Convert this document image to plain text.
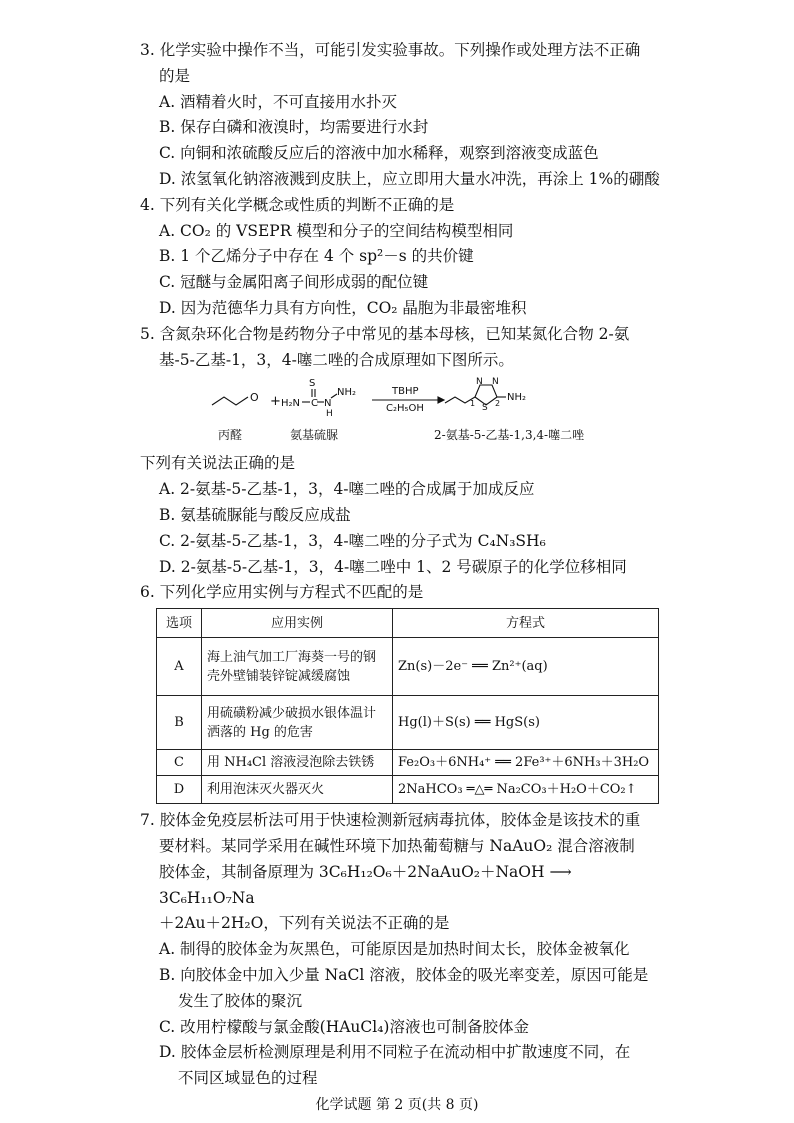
3. 化学实验中操作不当，可能引发实验事故。下列操作或处理方法不正确

的是

A. 酒精着火时，不可直接用水扑灭

B. 保存白磷和液溴时，均需要进行水封

C. 向铜和浓硫酸反应后的溶液中加水稀释，观察到溶液变成蓝色

D. 浓氢氧化钠溶液溅到皮肤上，应立即用大量水冲洗，再涂上 1%的硼酸

4. 下列有关化学概念或性质的判断不正确的是

A. CO₂ 的 VSEPR 模型和分子的空间结构模型相同

B. 1 个乙烯分子中存在 4 个 sp²－s 的共价键

C. 冠醚与金属阳离子间形成弱的配位键

D. 因为范德华力具有方向性，CO₂ 晶胞为非最密堆积

5. 含氮杂环化合物是药物分子中常见的基本母核，已知某氮化合物 2-氨

基-5-乙基-1，3，4-噻二唑的合成原理如下图所示。

O +
S
H₂N C N
H
NH₂	TBHP
C₂H₅OH
N N
S
1 2
NH₂
丙醛	氨基硫脲	2-氨基-5-乙基-1,3,4-噻二唑

下列有关说法正确的是

A. 2-氨基-5-乙基-1，3，4-噻二唑的合成属于加成反应

B. 氨基硫脲能与酸反应成盐

C. 2-氨基-5-乙基-1，3，4-噻二唑的分子式为 C₄N₃SH₆

D. 2-氨基-5-乙基-1，3，4-噻二唑中 1、2 号碳原子的化学位移相同

6. 下列化学应用实例与方程式不匹配的是

选项	应用实例	方程式
A	海上油气加工厂海葵一号的钢壳外壁铺装锌锭减缓腐蚀	Zn(s)－2e⁻ ══ Zn²⁺(aq)
B	用硫磺粉减少破损水银体温计洒落的 Hg 的危害	Hg(l)＋S(s) ══ HgS(s)
C	用 NH₄Cl 溶液浸泡除去铁锈	Fe₂O₃＋6NH₄⁺ ══ 2Fe³⁺＋6NH₃＋3H₂O
D	利用泡沫灭火器灭火	2NaHCO₃ ═△═ Na₂CO₃＋H₂O＋CO₂↑

7. 胶体金免疫层析法可用于快速检测新冠病毒抗体，胶体金是该技术的重

要材料。某同学采用在碱性环境下加热葡萄糖与 NaAuO₂ 混合溶液制

胶体金，其制备原理为 3C₆H₁₂O₆＋2NaAuO₂＋NaOH ⟶ 3C₆H₁₁O₇Na

＋2Au＋2H₂O，下列有关说法不正确的是

A. 制得的胶体金为灰黑色，可能原因是加热时间太长，胶体金被氧化

B. 向胶体金中加入少量 NaCl 溶液，胶体金的吸光率变差，原因可能是

发生了胶体的聚沉

C. 改用柠檬酸与氯金酸(HAuCl₄)溶液也可制备胶体金

D. 胶体金层析检测原理是利用不同粒子在流动相中扩散速度不同，在

不同区域显色的过程

化学试题 第 2 页(共 8 页)
